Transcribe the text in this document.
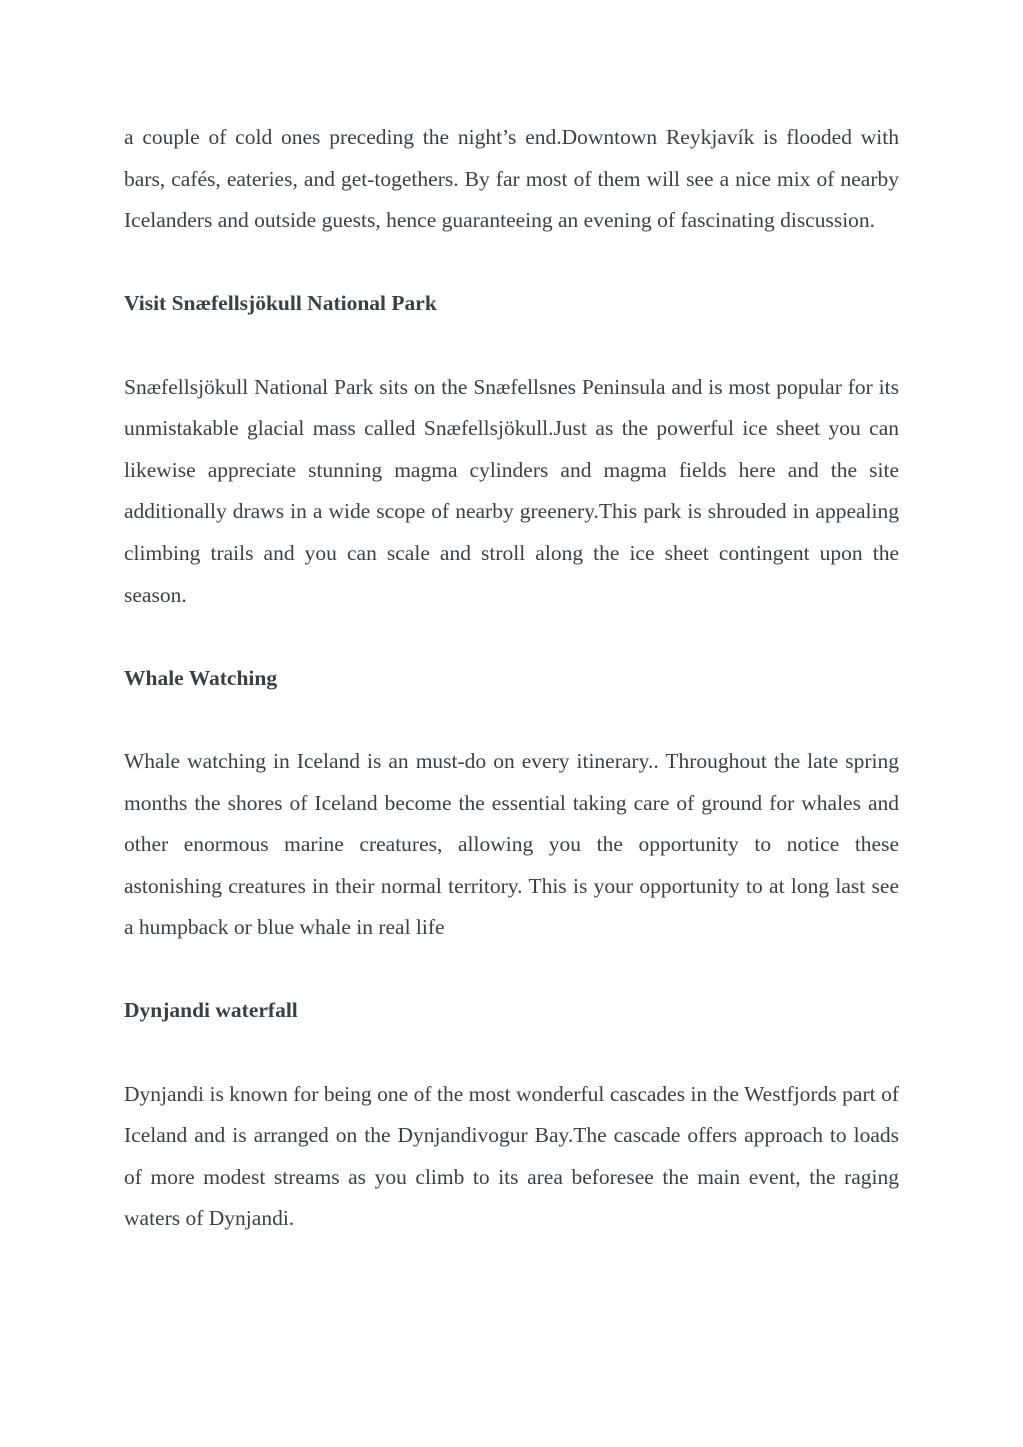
a couple of cold ones preceding the night’s end.Downtown Reykjavík is flooded with bars, cafés, eateries, and get-togethers. By far most of them will see a nice mix of nearby Icelanders and outside guests, hence guaranteeing an evening of fascinating discussion.

Visit Snæfellsjökull National Park

Snæfellsjökull National Park sits on the Snæfellsnes Peninsula and is most popular for its unmistakable glacial mass called Snæfellsjökull.Just as the powerful ice sheet you can likewise appreciate stunning magma cylinders and magma fields here and the site additionally draws in a wide scope of nearby greenery.This park is shrouded in appealing climbing trails and you can scale and stroll along the ice sheet contingent upon the season.

Whale Watching

Whale watching in Iceland is an must-do on every itinerary.. Throughout the late spring months the shores of Iceland become the essential taking care of ground for whales and other enormous marine creatures, allowing you the opportunity to notice these astonishing creatures in their normal territory. This is your opportunity to at long last see a humpback or blue whale in real life

Dynjandi waterfall

Dynjandi is known for being one of the most wonderful cascades in the Westfjords part of Iceland and is arranged on the Dynjandivogur Bay.The cascade offers approach to loads of more modest streams as you climb to its area beforesee the main event, the raging waters of Dynjandi.
